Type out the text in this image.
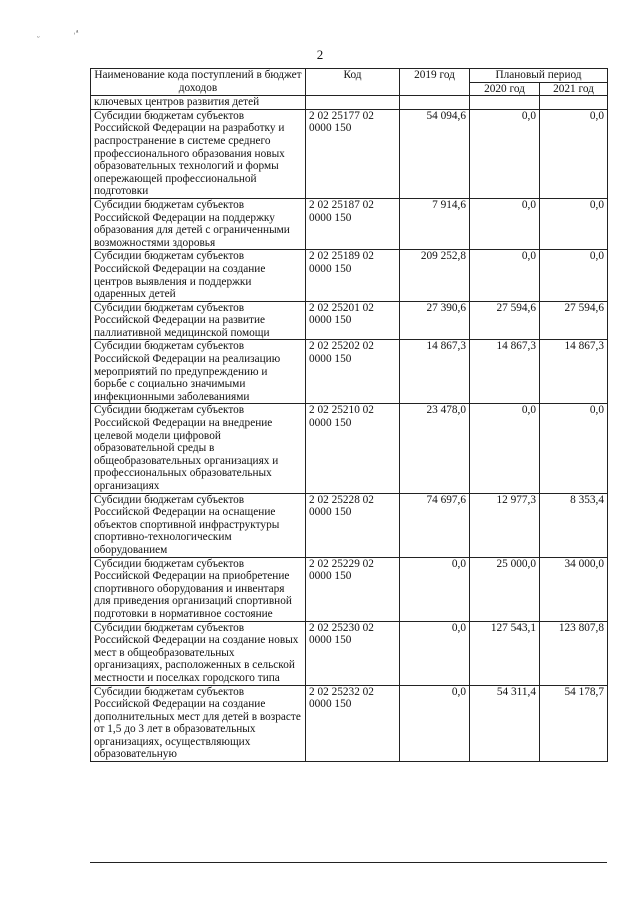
ᵕ	˒ᵃ
2
Наименование кода поступлений в бюджет доходов	Код	2019 год	Плановый период	
			2020 год	2021 год
ключевых центров развития детей				
Субсидии бюджетам субъектов Российской Федерации на разработку и распространение в системе среднего профессионального образования новых образовательных технологий и формы опережающей профессиональной подготовки	2 02 25177 02 0000 150	54 094,6	0,0	0,0
Субсидии бюджетам субъектов Российской Федерации на поддержку образования для детей с ограниченными возможностями здоровья	2 02 25187 02 0000 150	7 914,6	0,0	0,0
Субсидии бюджетам субъектов Российской Федерации на создание центров выявления и поддержки одаренных детей	2 02 25189 02 0000 150	209 252,8	0,0	0,0
Субсидии бюджетам субъектов Российской Федерации на развитие паллиативной медицинской помощи	2 02 25201 02 0000 150	27 390,6	27 594,6	27 594,6
Субсидии бюджетам субъектов Российской Федерации на реализацию мероприятий по предупреждению и борьбе с социально значимыми инфекционными заболеваниями	2 02 25202 02 0000 150	14 867,3	14 867,3	14 867,3
Субсидии бюджетам субъектов Российской Федерации на внедрение целевой модели цифровой образовательной среды в общеобразовательных организациях и профессиональных образовательных организациях	2 02 25210 02 0000 150	23 478,0	0,0	0,0
Субсидии бюджетам субъектов Российской Федерации на оснащение объектов спортивной инфраструктуры спортивно-технологическим оборудованием	2 02 25228 02 0000 150	74 697,6	12 977,3	8 353,4
Субсидии бюджетам субъектов Российской Федерации на приобретение спортивного оборудования и инвентаря для приведения организаций спортивной подготовки в нормативное состояние	2 02 25229 02 0000 150	0,0	25 000,0	34 000,0
Субсидии бюджетам субъектов Российской Федерации на создание новых мест в общеобразовательных организациях, расположенных в сельской местности и поселках городского типа	2 02 25230 02 0000 150	0,0	127 543,1	123 807,8
Субсидии бюджетам субъектов Российской Федерации на создание дополнительных мест для детей в возрасте от 1,5 до 3 лет в образовательных организациях, осуществляющих образовательную	2 02 25232 02 0000 150	0,0	54 311,4	54 178,7
